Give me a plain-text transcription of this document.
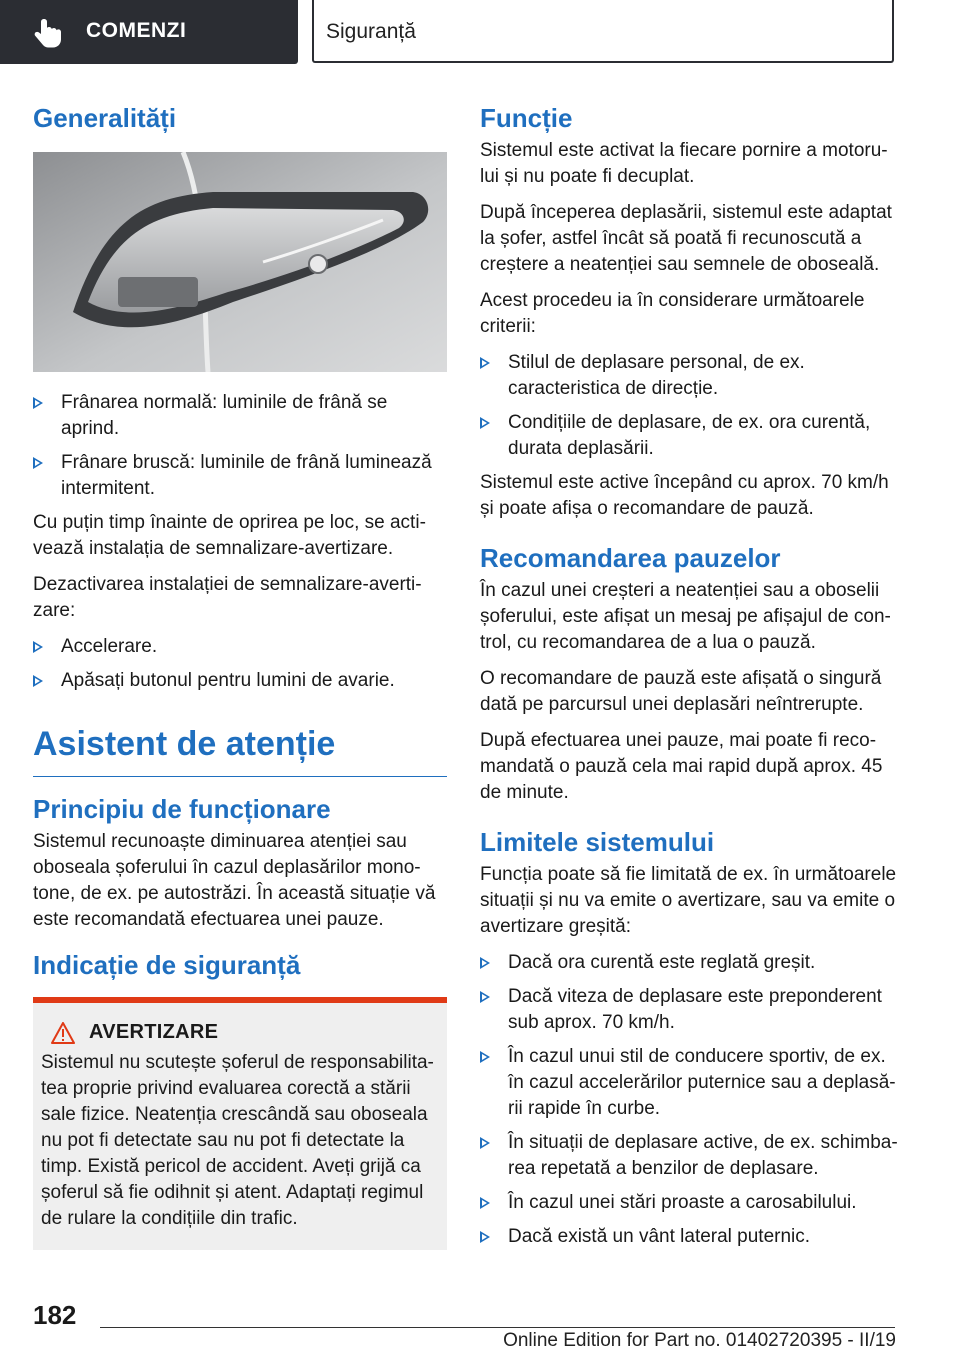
COMENZI	Siguranță
Generalități
Frânarea normală: luminile de frână se aprind.
Frânare bruscă: luminile de frână luminează intermitent.

Cu puțin timp înainte de oprirea pe loc, se activează instalația de semnalizare-avertizare.

Dezactivarea instalației de semnalizare-avertizare:

Accelerare.
Apăsați butonul pentru lumini de avarie.
Asistent de atenție
Principiu de funcționare

Sistemul recunoaște diminuarea atenției sau oboseala șoferului în cazul deplasărilor monotone, de ex. pe autostrăzi. În această situație vă este recomandată efectuarea unei pauze.

Indicație de siguranță
AVERTIZARE

Sistemul nu scutește șoferul de responsabilitatea proprie privind evaluarea corectă a stării sale fizice. Neatenția crescândă sau oboseala nu pot fi detectate sau nu pot fi detectate la timp. Există pericol de accident. Aveți grijă ca șoferul să fie odihnit și atent. Adaptați regimul de rulare la condițiile din trafic.

Funcție

Sistemul este activat la fiecare pornire a motorului și nu poate fi decuplat.

După începerea deplasării, sistemul este adaptat la șofer, astfel încât să poată fi recunoscută a creștere a neatenției sau semnele de oboseală.

Acest procedeu ia în considerare următoarele criterii:

Stilul de deplasare personal, de ex. caracteristica de direcție.
Condițiile de deplasare, de ex. ora curentă, durata deplasării.

Sistemul este active începând cu aprox. 70 km/h și poate afișa o recomandare de pauză.

Recomandarea pauzelor

În cazul unei creșteri a neatenției sau a oboselii șoferului, este afișat un mesaj pe afișajul de control, cu recomandarea de a lua o pauză.

O recomandare de pauză este afișată o singură dată pe parcursul unei deplasări neîntrerupte.

După efectuarea unei pauze, mai poate fi recomandată o pauză cela mai rapid după aprox. 45 de minute.

Limitele sistemului

Funcția poate să fie limitată de ex. în următoarele situații și nu va emite o avertizare, sau va emite o avertizare greșită:

Dacă ora curentă este reglată greșit.
Dacă viteza de deplasare este preponderent sub aprox. 70 km/h.
În cazul unui stil de conducere sportiv, de ex. în cazul accelerărilor puternice sau a deplasării rapide în curbe.
În situații de deplasare active, de ex. schimbarea repetată a benzilor de deplasare.
În cazul unei stări proaste a carosabilului.
Dacă există un vânt lateral puternic.
182
Online Edition for Part no. 01402720395 - II/19
